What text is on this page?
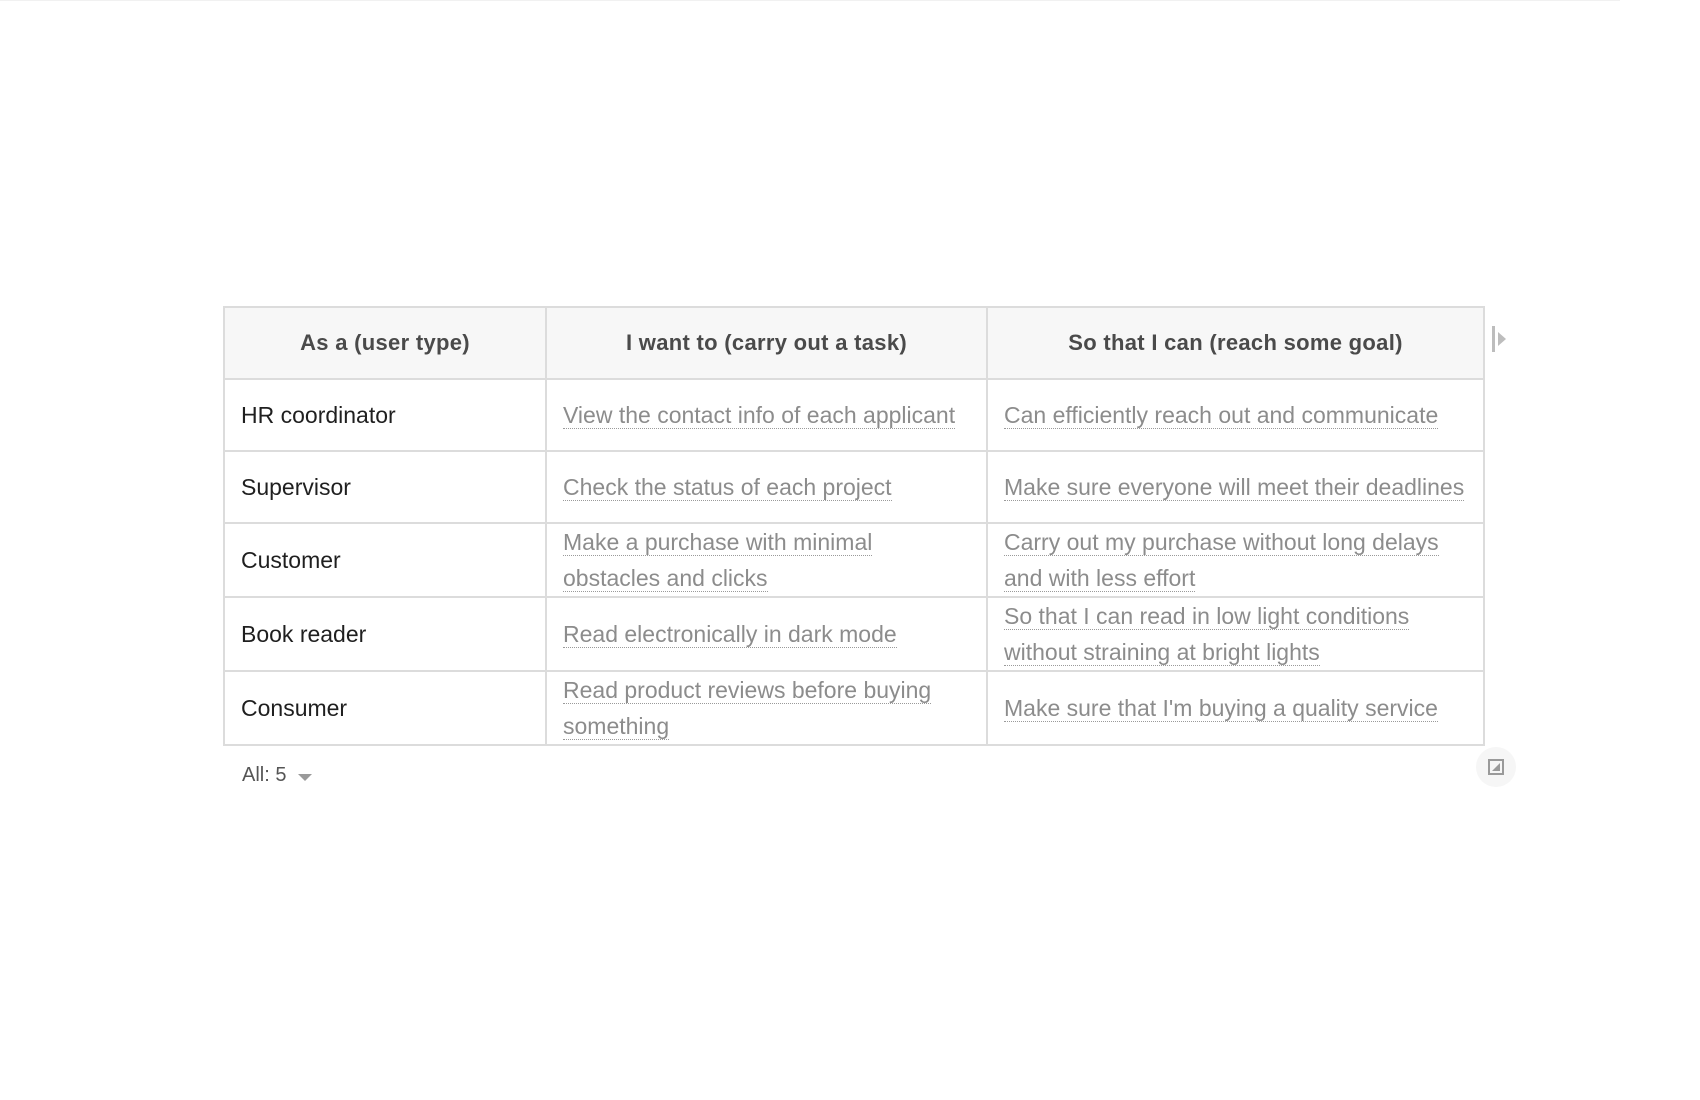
As a (user type)	I want to (carry out a task)	So that I can (reach some goal)
HR coordinator	View the contact info of each applicant	Can efficiently reach out and communicate
Supervisor	Check the status of each project	Make sure everyone will meet their deadlines
Customer	Make a purchase with minimal obstacles and clicks	Carry out my purchase without long delays and with less effort
Book reader	Read electronically in dark mode	So that I can read in low light conditions without straining at bright lights
Consumer	Read product reviews before buying something	Make sure that I'm buying a quality service
All: 5
